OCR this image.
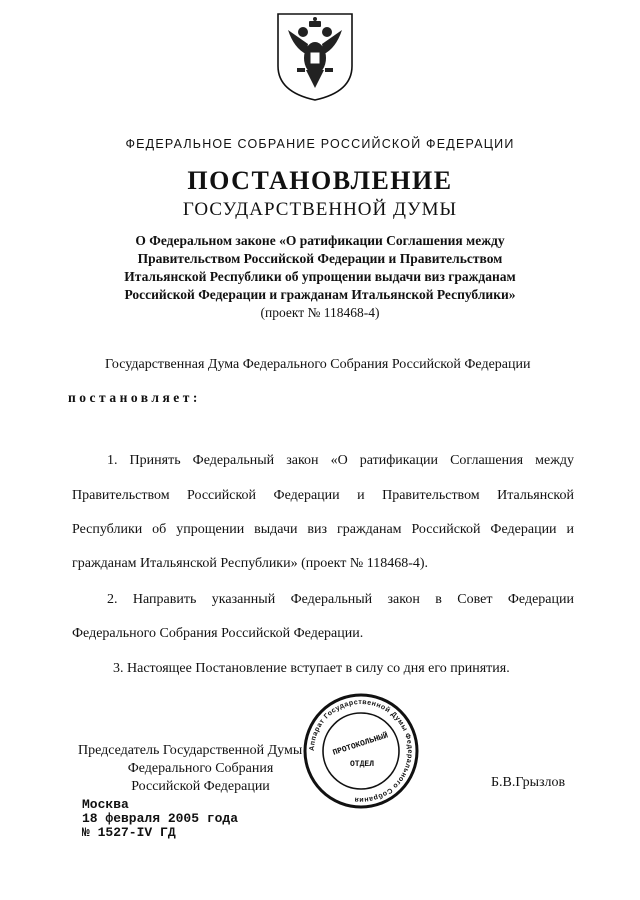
ФЕДЕРАЛЬНОЕ СОБРАНИЕ РОССИЙСКОЙ ФЕДЕРАЦИИ
ПОСТАНОВЛЕНИЕ
ГОСУДАРСТВЕННОЙ ДУМЫ
О Федеральном законе «О ратификации Соглашения между
Правительством Российской Федерации и Правительством
Итальянской Республики об упрощении выдачи виз гражданам
Российской Федерации и гражданам Итальянской Республики»
(проект № 118468-4)
Государственная Дума Федерального Собрания Российской Федерации
постановляет:
1. Принять Федеральный закон «О ратификации Соглашения между
Правительством Российской Федерации и Правительством Итальянской
Республики об упрощении выдачи виз гражданам Российской Федерации и
гражданам Итальянской Республики» (проект № 118468-4).
2. Направить указанный Федеральный закон в Совет Федерации
Федерального Собрания Российской Федерации.
3. Настоящее Постановление вступает в силу со дня его принятия.
Председатель Государственной Думы
Федерального Собрания
Российской Федерации	Б.В.Грызлов
Аппарат Государственной Думы Федерального Собрания
ПРОТОКОЛЬНЫЙ
ОТДЕЛ
Москва
18 февраля 2005 года
№ 1527-IV ГД
